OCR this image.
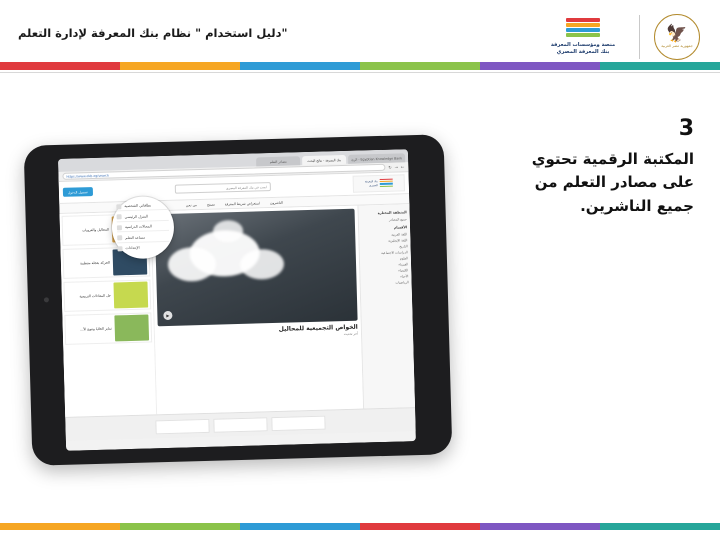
"دليل استخدام " نظام بنك المعرفة لإدارة التعلم
منصة ومؤسسات المعرفة
بنك المعرفة المصري
🦅
جمهورية مصر العربية
3
المكتبة الرقمية تحتوي على مصادر التعلم من جميع الناشرين.
Egyptian Knowledge Bank - الرئ
بنك المعرفة - نتائج البحث
مصادر التعلم
←
→
↻
https://www.ekb.eg/search
بنك المعرفة
المصري
ابحث في بنك المعرفة المصري
تسجيل الدخول
الناشرون
استعراض شريط المعرفة
تصفح
من نحن
المنطقة المختارة
جميع المصادر
الأقسام
اللغة العربية
اللغة الإنجليزية
التاريخ
الدراسات الاجتماعية
العلوم
الفيزياء
الكيمياء
الأحياء
الرياضيات
▶
الخواص التجميعية للمحاليل
آخر تحديث
المحاليل والغرويات
الحركة بعجلة منتظمة
حل المعادلات التربيعية
تمايز الخلايا وتنوع الأ...
بطاقاتي الشخصية
المنزل الرئيسي
المجالات الدراسية
مساعد التعلم
الإعدادات
